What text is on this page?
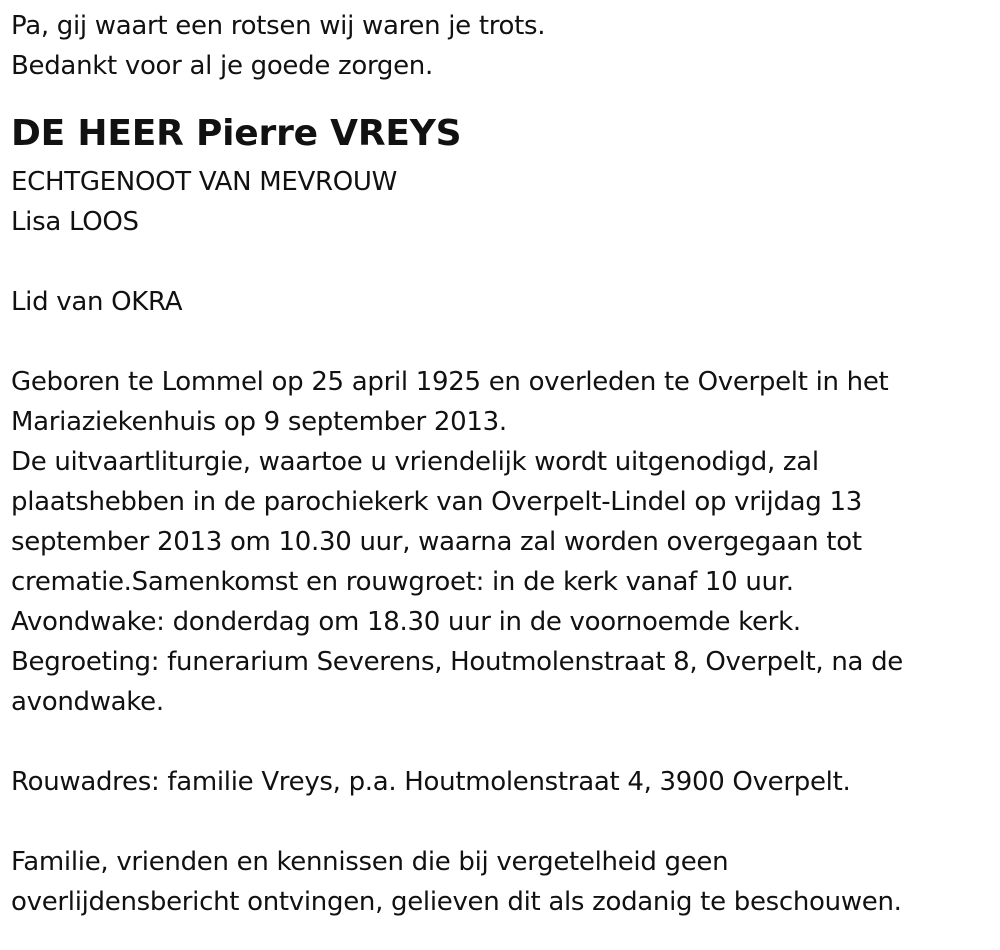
Pa, gij waart een rotsen wij waren je trots.
Bedankt voor al je goede zorgen.
DE HEER Pierre VREYS
ECHTGENOOT VAN MEVROUW
Lisa LOOS
Lid van OKRA
Geboren te Lommel op 25 april 1925 en overleden te Overpelt in het
Mariaziekenhuis op 9 september 2013.
De uitvaartliturgie, waartoe u vriendelijk wordt uitgenodigd, zal
plaatshebben in de parochiekerk van Overpelt-Lindel op vrijdag 13
september 2013 om 10.30 uur, waarna zal worden overgegaan tot
crematie.Samenkomst en rouwgroet: in de kerk vanaf 10 uur.
Avondwake: donderdag om 18.30 uur in de voornoemde kerk.
Begroeting: funerarium Severens, Houtmolenstraat 8, Overpelt, na de
avondwake.
Rouwadres: familie Vreys, p.a. Houtmolenstraat 4, 3900 Overpelt.
Familie, vrienden en kennissen die bij vergetelheid geen
overlijdensbericht ontvingen, gelieven dit als zodanig te beschouwen.
